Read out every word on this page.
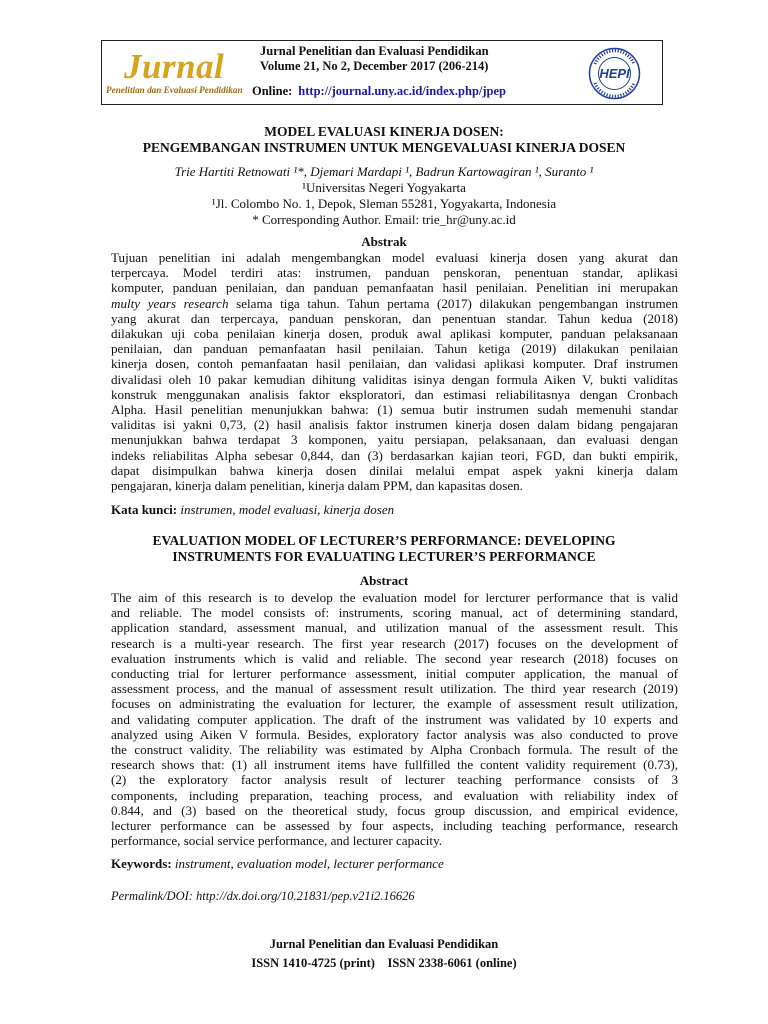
Jurnal
Penelitian dan Evaluasi Pendidikan
Jurnal Penelitian dan Evaluasi Pendidikan
Volume 21, No 2, December 2017 (206-214)
Online: http://journal.uny.ac.id/index.php/jpep
HEPI
MODEL EVALUASI KINERJA DOSEN:
PENGEMBANGAN INSTRUMEN UNTUK MENGEVALUASI KINERJA DOSEN
Trie Hartiti Retnowati ¹*, Djemari Mardapi ¹, Badrun Kartowagiran ¹, Suranto ¹
¹Universitas Negeri Yogyakarta
¹Jl. Colombo No. 1, Depok, Sleman 55281, Yogyakarta, Indonesia
* Corresponding Author. Email: trie_hr@uny.ac.id
Abstrak
Tujuan penelitian ini adalah mengembangkan model evaluasi kinerja dosen yang akurat dan
terpercaya. Model terdiri atas: instrumen, panduan penskoran, penentuan standar, aplikasi
komputer, panduan penilaian, dan panduan pemanfaatan hasil penilaian. Penelitian ini merupakan
multy years research selama tiga tahun. Tahun pertama (2017) dilakukan pengembangan instrumen
yang akurat dan terpercaya, panduan penskoran, dan penentuan standar. Tahun kedua (2018)
dilakukan uji coba penilaian kinerja dosen, produk awal aplikasi komputer, panduan pelaksanaan
penilaian, dan panduan pemanfaatan hasil penilaian. Tahun ketiga (2019) dilakukan penilaian
kinerja dosen, contoh pemanfaatan hasil penilaian, dan validasi aplikasi komputer. Draf instrumen
divalidasi oleh 10 pakar kemudian dihitung validitas isinya dengan formula Aiken V, bukti validitas
konstruk menggunakan analisis faktor eksploratori, dan estimasi reliabilitasnya dengan Cronbach
Alpha. Hasil penelitian menunjukkan bahwa: (1) semua butir instrumen sudah memenuhi standar
validitas isi yakni 0,73, (2) hasil analisis faktor instrumen kinerja dosen dalam bidang pengajaran
menunjukkan bahwa terdapat 3 komponen, yaitu persiapan, pelaksanaan, dan evaluasi dengan
indeks reliabilitas Alpha sebesar 0,844, dan (3) berdasarkan kajian teori, FGD, dan bukti empirik,
dapat disimpulkan bahwa kinerja dosen dinilai melalui empat aspek yakni kinerja dalam
pengajaran, kinerja dalam penelitian, kinerja dalam PPM, dan kapasitas dosen.
Kata kunci: instrumen, model evaluasi, kinerja dosen
EVALUATION MODEL OF LECTURER’S PERFORMANCE: DEVELOPING
INSTRUMENTS FOR EVALUATING LECTURER’S PERFORMANCE
Abstract
The aim of this research is to develop the evaluation model for lercturer performance that is valid
and reliable. The model consists of: instruments, scoring manual, act of determining standard,
application standard, assessment manual, and utilization manual of the assessment result. This
research is a multi-year research. The first year research (2017) focuses on the development of
evaluation instruments which is valid and reliable. The second year research (2018) focuses on
conducting trial for lerturer performance assessment, initial computer application, the manual of
assessment process, and the manual of assessment result utilization. The third year research (2019)
focuses on administrating the evaluation for lecturer, the example of assessment result utilization,
and validating computer application. The draft of the instrument was validated by 10 experts and
analyzed using Aiken V formula. Besides, exploratory factor analysis was also conducted to prove
the construct validity. The reliability was estimated by Alpha Cronbach formula. The result of the
research shows that: (1) all instrument items have fullfilled the content validity requirement (0.73),
(2) the exploratory factor analysis result of lecturer teaching performance consists of 3
components, including preparation, teaching process, and evaluation with reliability index of
0.844, and (3) based on the theoretical study, focus group discussion, and empirical evidence,
lecturer performance can be assessed by four aspects, including teaching performance, research
performance, social service performance, and lecturer capacity.
Keywords: instrument, evaluation model, lecturer performance
Permalink/DOI: http://dx.doi.org/10.21831/pep.v21i2.16626
Jurnal Penelitian dan Evaluasi Pendidikan
ISSN 1410-4725 (print)    ISSN 2338-6061 (online)
